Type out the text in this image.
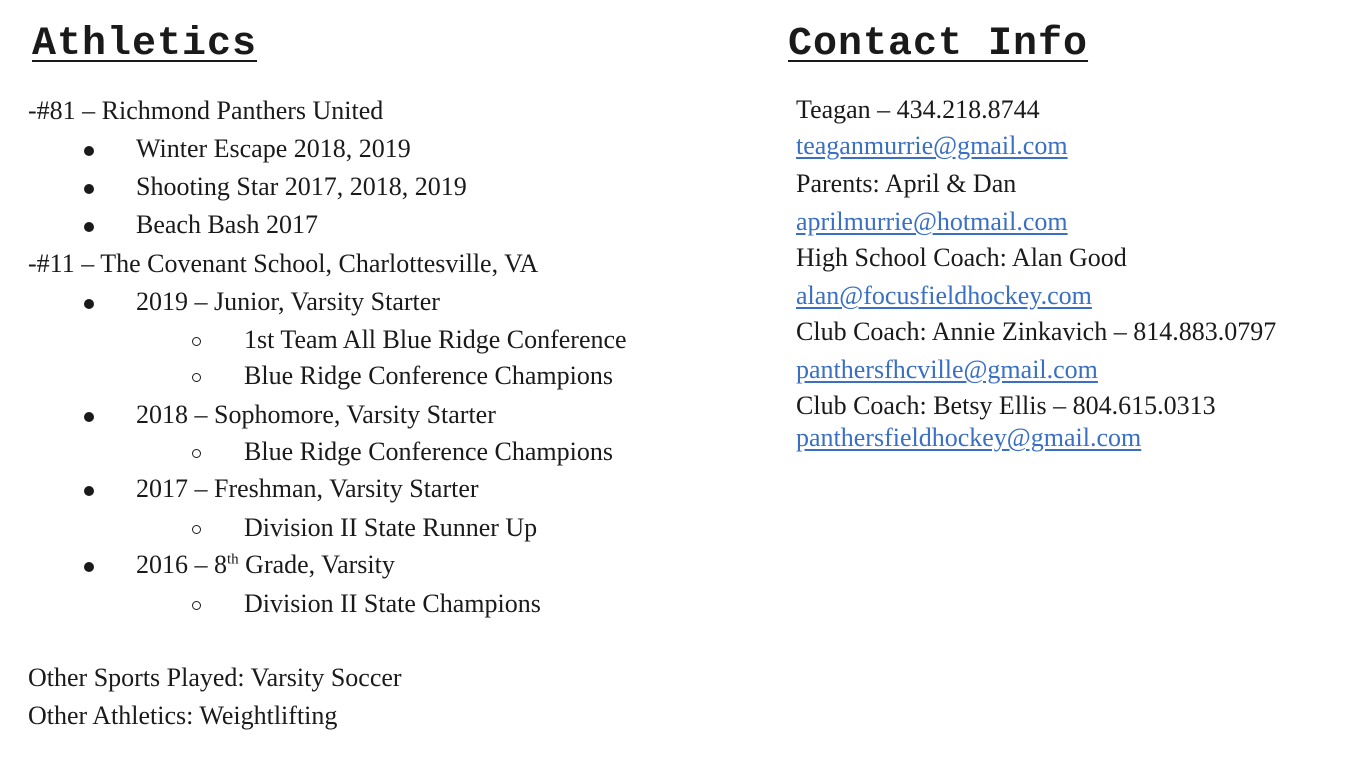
Athletics
-#81 – Richmond Panthers United
Winter Escape 2018, 2019
Shooting Star 2017, 2018, 2019
Beach Bash 2017
-#11 – The Covenant School, Charlottesville, VA
2019 – Junior, Varsity Starter
1st Team All Blue Ridge Conference
Blue Ridge Conference Champions
2018 – Sophomore, Varsity Starter
Blue Ridge Conference Champions
2017 – Freshman, Varsity Starter
Division II State Runner Up
2016 – 8th Grade, Varsity
Division II State Champions
Other Sports Played: Varsity Soccer
Other Athletics: Weightlifting
Contact Info
Teagan – 434.218.8744
teaganmurrie@gmail.com
Parents: April & Dan
aprilmurrie@hotmail.com
High School Coach: Alan Good
alan@focusfieldhockey.com
Club Coach: Annie Zinkavich – 814.883.0797
panthersfhcville@gmail.com
Club Coach: Betsy Ellis – 804.615.0313
panthersfieldhockey@gmail.com
